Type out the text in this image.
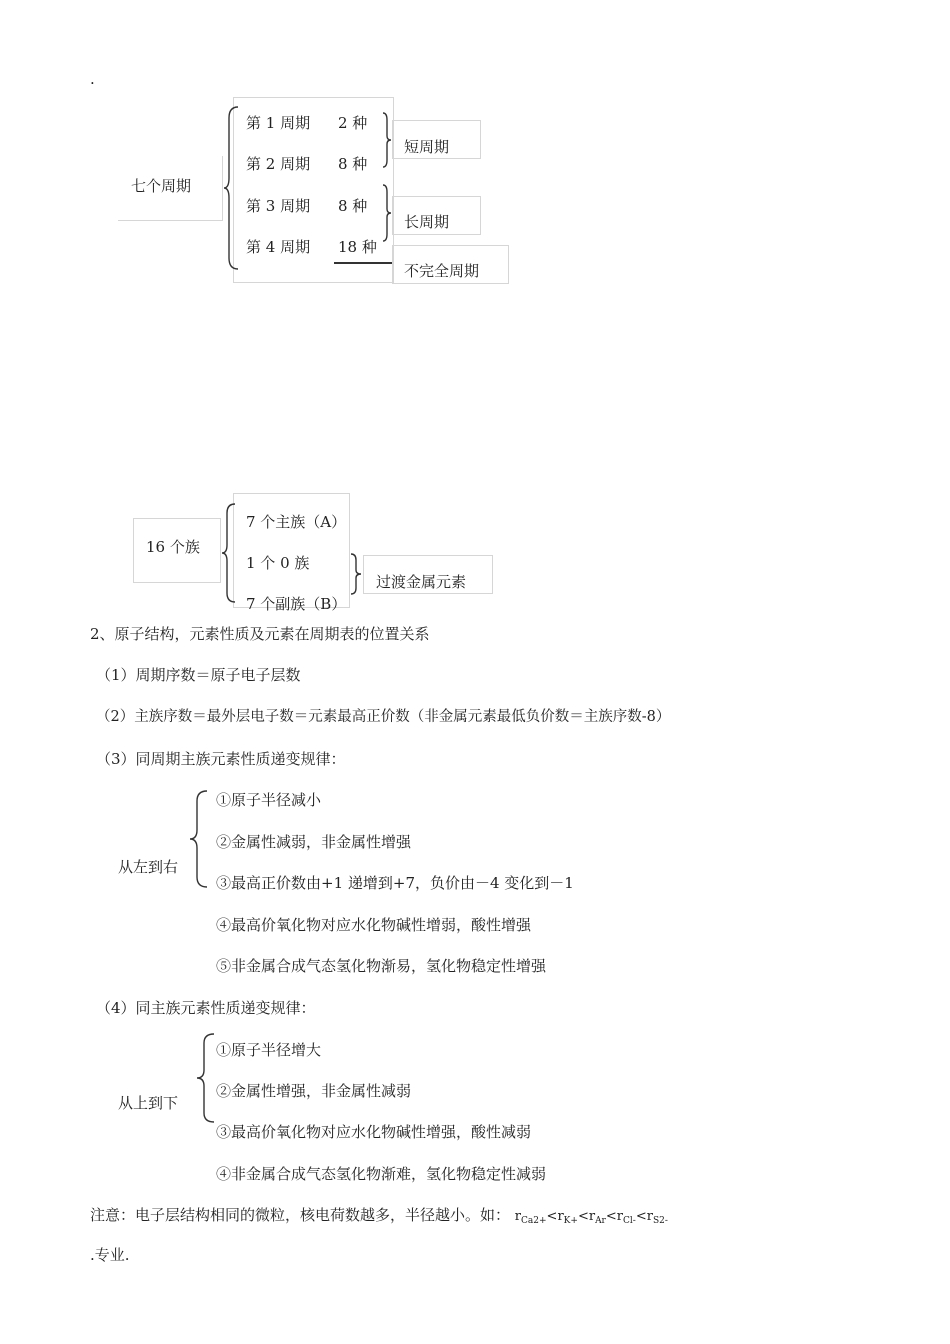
.
七个周期
第 1 周期 2 种
第 2 周期 8 种
第 3 周期 8 种
第 4 周期 18 种
短周期
长周期
不完全周期
16 个族
7 个主族（A）
1 个 0 族
7 个副族（B）
过渡金属元素
2、原子结构，元素性质及元素在周期表的位置关系
（1）周期序数＝原子电子层数
（2）主族序数＝最外层电子数＝元素最高正价数（非金属元素最低负价数＝主族序数-8）
（3）同周期主族元素性质递变规律：
从左到右
①原子半径减小
②金属性减弱，非金属性增强
③最高正价数由+1 递增到+7，负价由－4 变化到－1
④最高价氧化物对应水化物碱性增弱，酸性增强
⑤非金属合成气态氢化物渐易，氢化物稳定性增强
（4）同主族元素性质递变规律：
从上到下
①原子半径增大
②金属性增强，非金属性减弱
③最高价氧化物对应水化物碱性增强，酸性减弱
④非金属合成气态氢化物渐难，氢化物稳定性减弱
注意：电子层结构相同的微粒，核电荷数越多，半径越小。如： $r_{Ca2+}<r_{K+}<r_{Ar}<r_{Cl-}<r_{S2-}$
.专业.
